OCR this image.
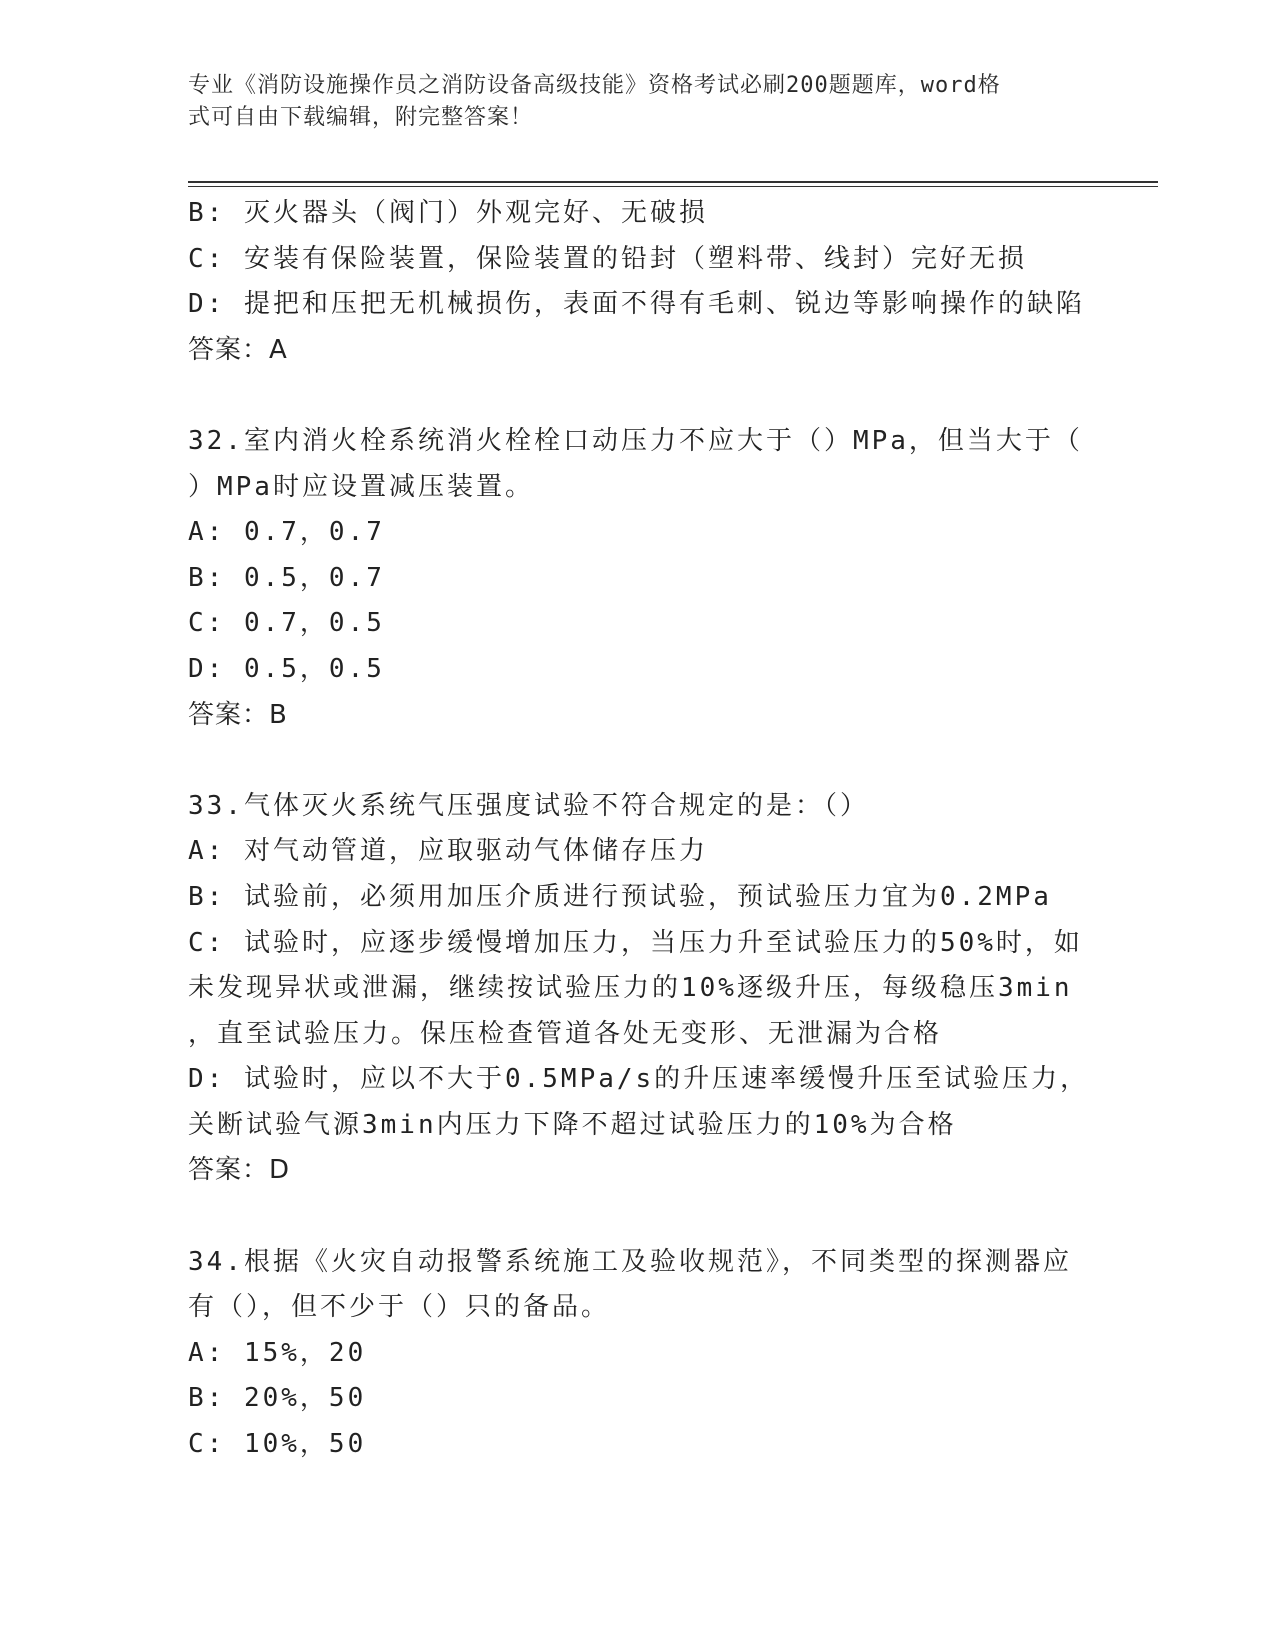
专业《消防设施操作员之消防设备高级技能》资格考试必刷200题题库，word格
式可自由下载编辑，附完整答案！
B: 灭火器头（阀门）外观完好、无破损
C: 安装有保险装置，保险装置的铅封（塑料带、线封）完好无损
D: 提把和压把无机械损伤，表面不得有毛刺、锐边等影响操作的缺陷
答案：A
32.室内消火栓系统消火栓栓口动压力不应大于（）MPa，但当大于（
）MPa时应设置减压装置。
A: 0.7，0.7
B: 0.5，0.7
C: 0.7，0.5
D: 0.5，0.5
答案：B
33.气体灭火系统气压强度试验不符合规定的是：（）
A: 对气动管道，应取驱动气体储存压力
B: 试验前，必须用加压介质进行预试验，预试验压力宜为0.2MPa
C: 试验时，应逐步缓慢增加压力，当压力升至试验压力的50%时，如
未发现异状或泄漏，继续按试验压力的10%逐级升压，每级稳压3min
，直至试验压力。保压检查管道各处无变形、无泄漏为合格
D: 试验时，应以不大于0.5MPa/s的升压速率缓慢升压至试验压力，
关断试验气源3min内压力下降不超过试验压力的10%为合格
答案：D
34.根据《火灾自动报警系统施工及验收规范》，不同类型的探测器应
有（），但不少于（）只的备品。
A: 15%，20
B: 20%，50
C: 10%，50
